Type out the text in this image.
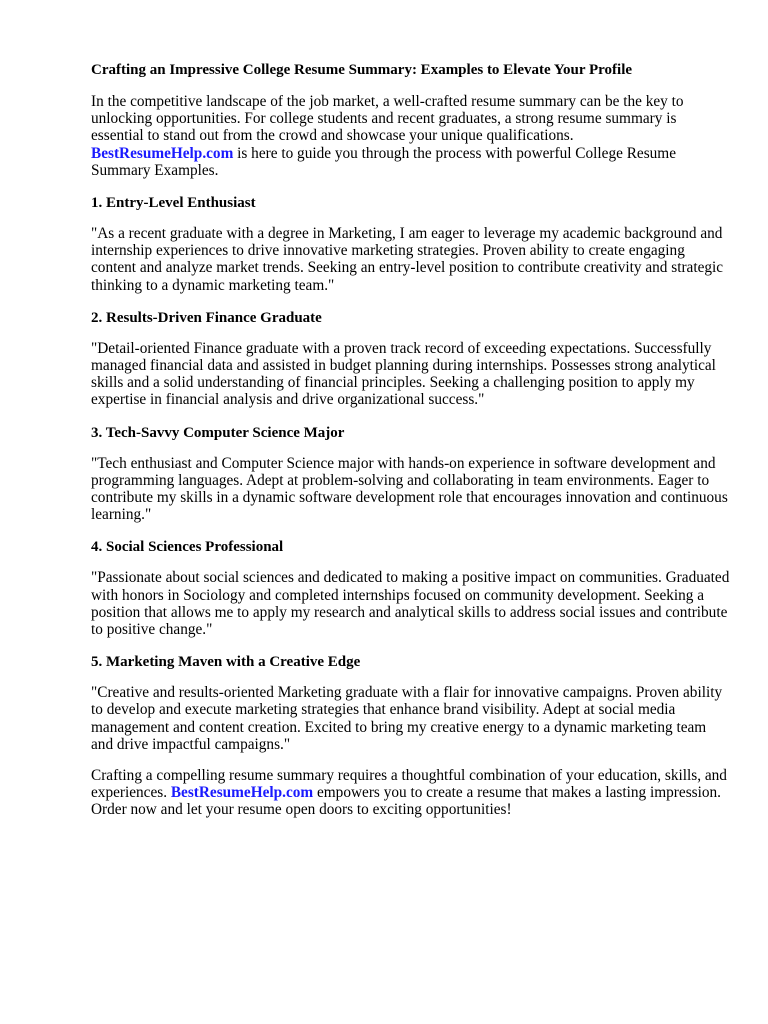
Crafting an Impressive College Resume Summary: Examples to Elevate Your Profile

In the competitive landscape of the job market, a well-crafted resume summary can be the key to unlocking opportunities. For college students and recent graduates, a strong resume summary is essential to stand out from the crowd and showcase your unique qualifications.
BestResumeHelp.com is here to guide you through the process with powerful College Resume Summary Examples.

1. Entry-Level Enthusiast

"As a recent graduate with a degree in Marketing, I am eager to leverage my academic background and internship experiences to drive innovative marketing strategies. Proven ability to create engaging content and analyze market trends. Seeking an entry-level position to contribute creativity and strategic thinking to a dynamic marketing team."

2. Results-Driven Finance Graduate

"Detail-oriented Finance graduate with a proven track record of exceeding expectations. Successfully managed financial data and assisted in budget planning during internships. Possesses strong analytical skills and a solid understanding of financial principles. Seeking a challenging position to apply my expertise in financial analysis and drive organizational success."

3. Tech-Savvy Computer Science Major

"Tech enthusiast and Computer Science major with hands-on experience in software development and programming languages. Adept at problem-solving and collaborating in team environments. Eager to contribute my skills in a dynamic software development role that encourages innovation and continuous learning."

4. Social Sciences Professional

"Passionate about social sciences and dedicated to making a positive impact on communities. Graduated with honors in Sociology and completed internships focused on community development. Seeking a position that allows me to apply my research and analytical skills to address social issues and contribute to positive change."

5. Marketing Maven with a Creative Edge

"Creative and results-oriented Marketing graduate with a flair for innovative campaigns. Proven ability to develop and execute marketing strategies that enhance brand visibility. Adept at social media management and content creation. Excited to bring my creative energy to a dynamic marketing team and drive impactful campaigns."

Crafting a compelling resume summary requires a thoughtful combination of your education, skills, and experiences. BestResumeHelp.com empowers you to create a resume that makes a lasting impression. Order now and let your resume open doors to exciting opportunities!
